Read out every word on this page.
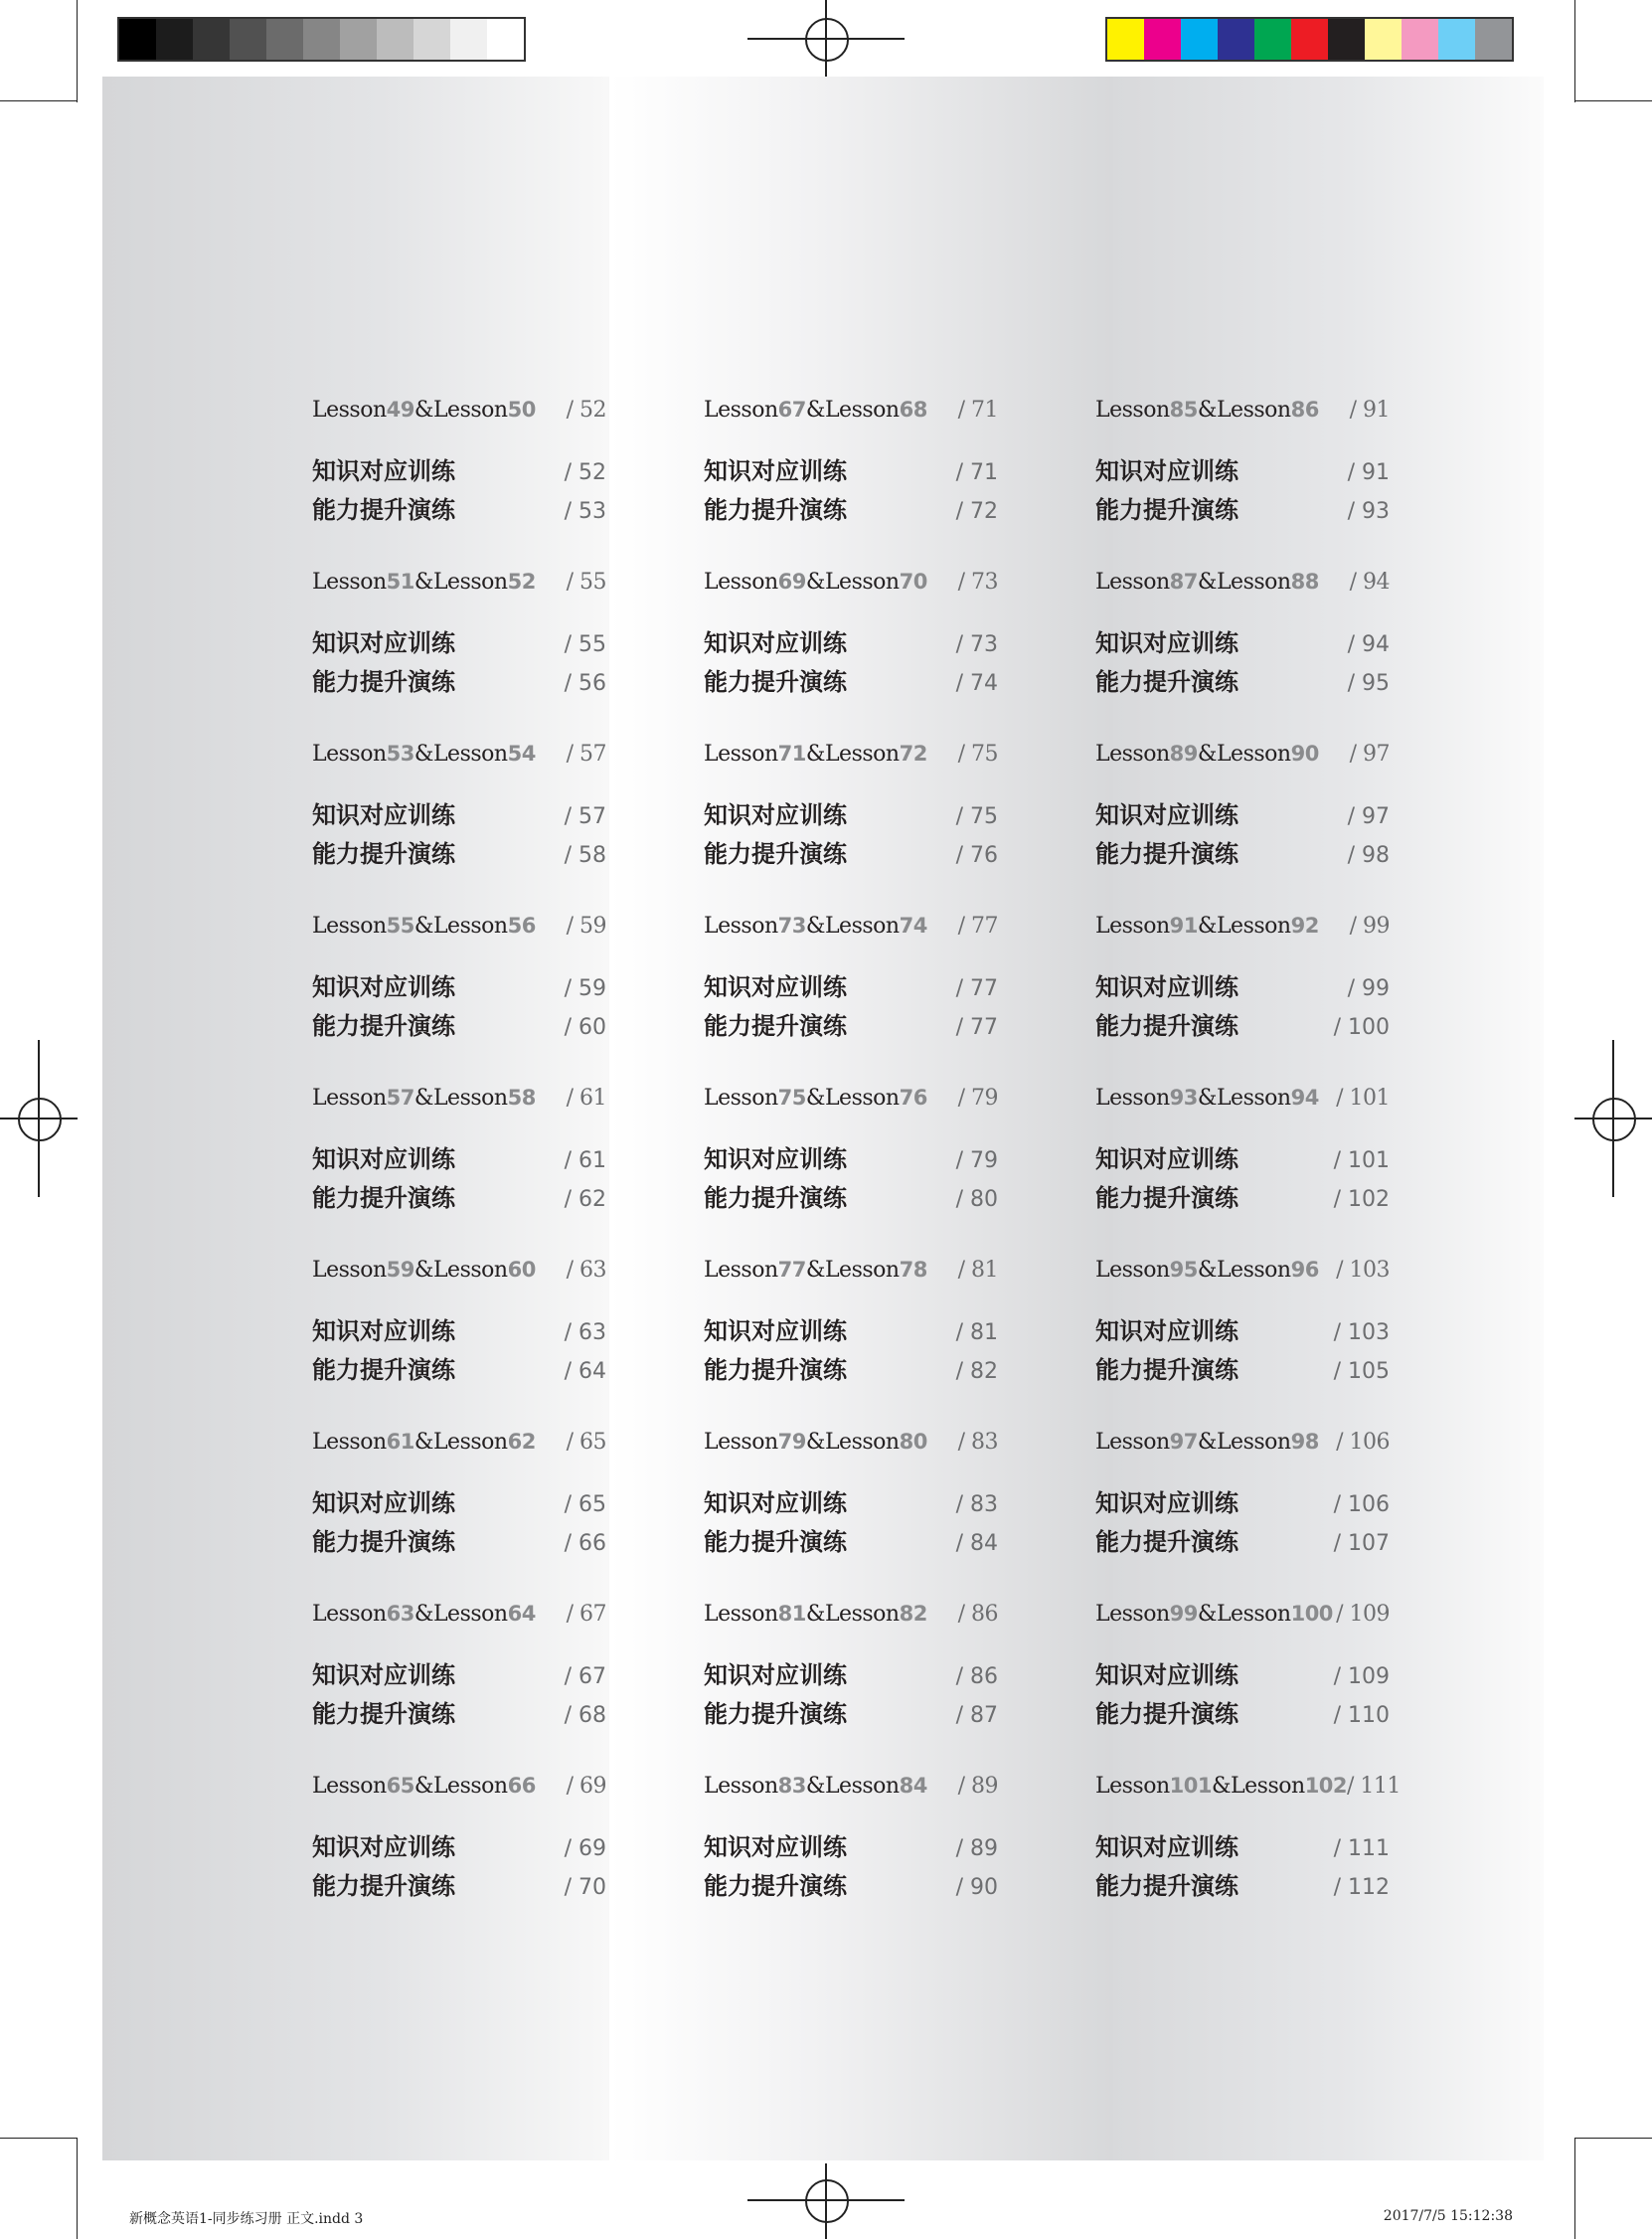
Lesson49&Lesson50 / 52
知识对应训练	/ 52
能力提升演练	/ 53
Lesson51&Lesson52 / 55
知识对应训练	/ 55
能力提升演练	/ 56
Lesson53&Lesson54 / 57
知识对应训练	/ 57
能力提升演练	/ 58
Lesson55&Lesson56 / 59
知识对应训练	/ 59
能力提升演练	/ 60
Lesson57&Lesson58 / 61
知识对应训练	/ 61
能力提升演练	/ 62
Lesson59&Lesson60 / 63
知识对应训练	/ 63
能力提升演练	/ 64
Lesson61&Lesson62 / 65
知识对应训练	/ 65
能力提升演练	/ 66
Lesson63&Lesson64 / 67
知识对应训练	/ 67
能力提升演练	/ 68
Lesson65&Lesson66 / 69
知识对应训练	/ 69
能力提升演练	/ 70
Lesson67&Lesson68 / 71
知识对应训练	/ 71
能力提升演练	/ 72
Lesson69&Lesson70 / 73
知识对应训练	/ 73
能力提升演练	/ 74
Lesson71&Lesson72 / 75
知识对应训练	/ 75
能力提升演练	/ 76
Lesson73&Lesson74 / 77
知识对应训练	/ 77
能力提升演练	/ 77
Lesson75&Lesson76 / 79
知识对应训练	/ 79
能力提升演练	/ 80
Lesson77&Lesson78 / 81
知识对应训练	/ 81
能力提升演练	/ 82
Lesson79&Lesson80 / 83
知识对应训练	/ 83
能力提升演练	/ 84
Lesson81&Lesson82 / 86
知识对应训练	/ 86
能力提升演练	/ 87
Lesson83&Lesson84 / 89
知识对应训练	/ 89
能力提升演练	/ 90
Lesson85&Lesson86 / 91
知识对应训练	/ 91
能力提升演练	/ 93
Lesson87&Lesson88 / 94
知识对应训练	/ 94
能力提升演练	/ 95
Lesson89&Lesson90 / 97
知识对应训练	/ 97
能力提升演练	/ 98
Lesson91&Lesson92 / 99
知识对应训练	/ 99
能力提升演练	/ 100
Lesson93&Lesson94 / 101
知识对应训练	/ 101
能力提升演练	/ 102
Lesson95&Lesson96 / 103
知识对应训练	/ 103
能力提升演练	/ 105
Lesson97&Lesson98 / 106
知识对应训练	/ 106
能力提升演练	/ 107
Lesson99&Lesson100 / 109
知识对应训练	/ 109
能力提升演练	/ 110
Lesson101&Lesson102 / 111
知识对应训练	/ 111
能力提升演练	/ 112
新概念英语1-同步练习册 正文.indd 3	2017/7/5 15:12:38
